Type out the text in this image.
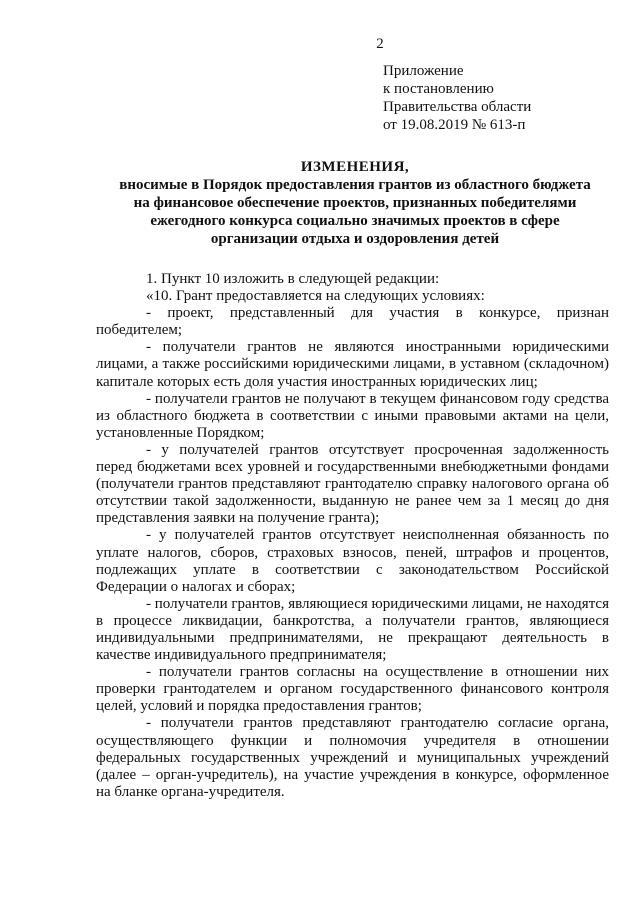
2
Приложение
к постановлению
Правительства области
от 19.08.2019 № 613-п
ИЗМЕНЕНИЯ,
вносимые в Порядок предоставления грантов из областного бюджета
на финансовое обеспечение проектов, признанных победителями
ежегодного конкурса социально значимых проектов в сфере
организации отдыха и оздоровления детей

1. Пункт 10 изложить в следующей редакции:

«10. Грант предоставляется на следующих условиях:

- проект, представленный для участия в конкурсе, признан победителем;

- получатели грантов не являются иностранными юридическими лицами, а также российскими юридическими лицами, в уставном (складочном) капитале которых есть доля участия иностранных юридических лиц;

- получатели грантов не получают в текущем финансовом году средства из областного бюджета в соответствии с иными правовыми актами на цели, установленные Порядком;

- у получателей грантов отсутствует просроченная задолженность перед бюджетами всех уровней и государственными внебюджетными фондами (получатели грантов представляют грантодателю справку налогового органа об отсутствии такой задолженности, выданную не ранее чем за 1 месяц до дня представления заявки на получение гранта);

- у получателей грантов отсутствует неисполненная обязанность по уплате налогов, сборов, страховых взносов, пеней, штрафов и процентов, подлежащих уплате в соответствии с законодательством Российской Федерации о налогах и сборах;

- получатели грантов, являющиеся юридическими лицами, не находятся в процессе ликвидации, банкротства, а получатели грантов, являющиеся индивидуальными предпринимателями, не прекращают деятельность в качестве индивидуального предпринимателя;

- получатели грантов согласны на осуществление в отношении них проверки грантодателем и органом государственного финансового контроля целей, условий и порядка предоставления грантов;

- получатели грантов представляют грантодателю согласие органа, осуществляющего функции и полномочия учредителя в отношении федеральных государственных учреждений и муниципальных учреждений (далее – орган-учредитель), на участие учреждения в конкурсе, оформленное на бланке органа-учредителя.
